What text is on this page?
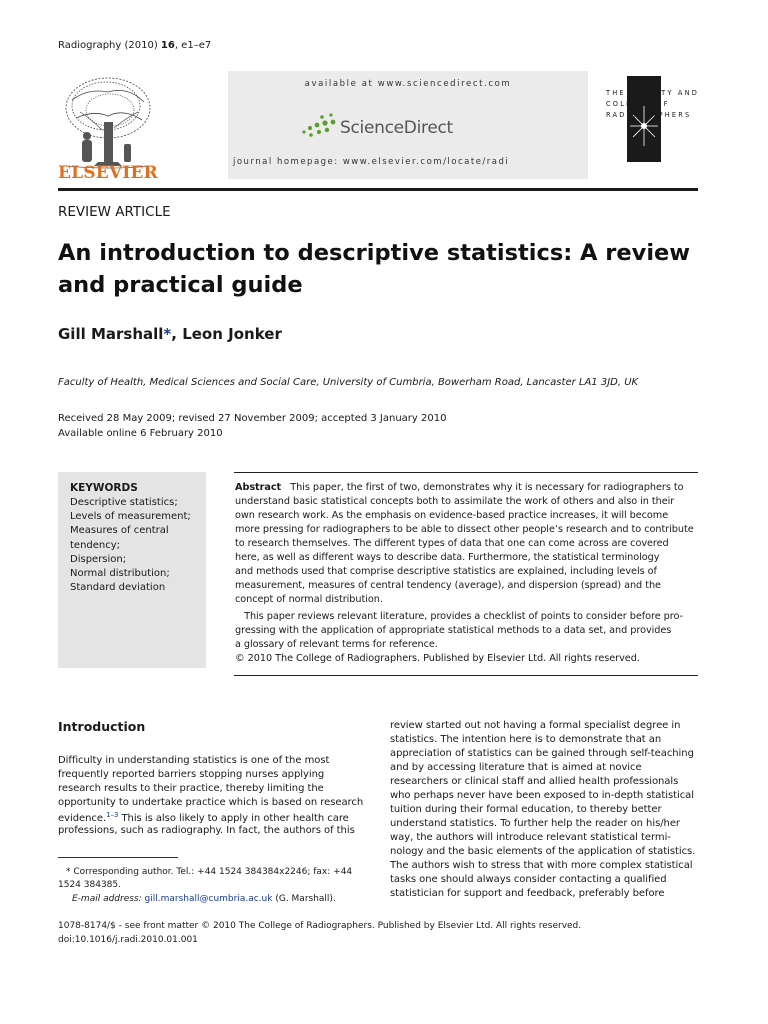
Radiography (2010) 16, e1–e7
ELSEVIER
available at www.sciencedirect.com
ScienceDirect
journal homepage: www.elsevier.com/locate/radi
THE SOCIETY AND
COLLEGE OF
RADIOGRAPHERS
REVIEW ARTICLE
An introduction to descriptive statistics: A review
and practical guide
Gill Marshall*, Leon Jonker
Faculty of Health, Medical Sciences and Social Care, University of Cumbria, Bowerham Road, Lancaster LA1 3JD, UK
Received 28 May 2009; revised 27 November 2009; accepted 3 January 2010
Available online 6 February 2010
KEYWORDS
Descriptive statistics;
Levels of measurement;
Measures of central
tendency;
Dispersion;
Normal distribution;
Standard deviation
Abstract This paper, the first of two, demonstrates why it is necessary for radiographers to
understand basic statistical concepts both to assimilate the work of others and also in their
own research work. As the emphasis on evidence-based practice increases, it will become
more pressing for radiographers to be able to dissect other people’s research and to contribute
to research themselves. The different types of data that one can come across are covered
here, as well as different ways to describe data. Furthermore, the statistical terminology
and methods used that comprise descriptive statistics are explained, including levels of
measurement, measures of central tendency (average), and dispersion (spread) and the
concept of normal distribution.
This paper reviews relevant literature, provides a checklist of points to consider before pro-
gressing with the application of appropriate statistical methods to a data set, and provides
a glossary of relevant terms for reference.
© 2010 The College of Radiographers. Published by Elsevier Ltd. All rights reserved.
Introduction
Difficulty in understanding statistics is one of the most
frequently reported barriers stopping nurses applying
research results to their practice, thereby limiting the
opportunity to undertake practice which is based on research
evidence.$^{1-3}$ This is also likely to apply in other health care
professions, such as radiography. In fact, the authors of this
* Corresponding author. Tel.: +44 1524 384384x2246; fax: +44
1524 384385.
E-mail address: gill.marshall@cumbria.ac.uk (G. Marshall).
review started out not having a formal specialist degree in
statistics. The intention here is to demonstrate that an
appreciation of statistics can be gained through self-teaching
and by accessing literature that is aimed at novice
researchers or clinical staff and allied health professionals
who perhaps never have been exposed to in-depth statistical
tuition during their formal education, to thereby better
understand statistics. To further help the reader on his/her
way, the authors will introduce relevant statistical termi-
nology and the basic elements of the application of statistics.
The authors wish to stress that with more complex statistical
tasks one should always consider contacting a qualified
statistician for support and feedback, preferably before
1078-8174/$ - see front matter © 2010 The College of Radiographers. Published by Elsevier Ltd. All rights reserved.
doi:10.1016/j.radi.2010.01.001
